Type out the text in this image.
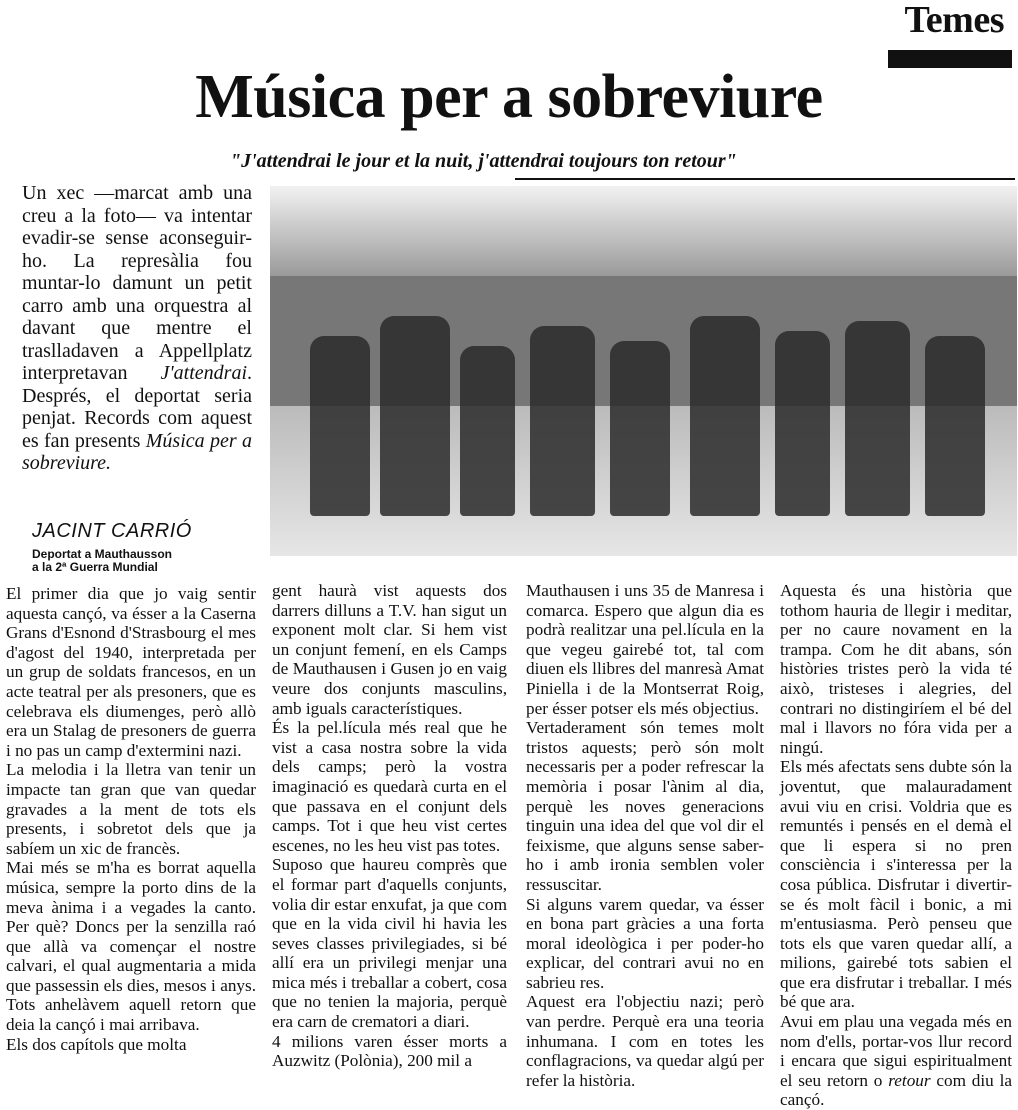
Temes
Música per a sobreviure
"J'attendrai le jour et la nuit, j'attendrai toujours ton retour"

Un xec —marcat amb una creu a la foto— va intentar evadir-se sense aconseguir-ho. La represàlia fou muntar-lo damunt un petit carro amb una orquestra al davant que mentre el traslladaven a Appellplatz interpretavan J'attendrai. Després, el deportat seria penjat. Records com aquest es fan presents Música per a sobreviure.

JACINT CARRIÓ
Deportat a Mauthausson
a la 2ª Guerra Mundial

El primer dia que jo vaig sentir aquesta cançó, va ésser a la Caserna Grans d'Esnond d'Strasbourg el mes d'agost del 1940, interpretada per un grup de soldats francesos, en un acte teatral per als presoners, que es celebrava els diumenges, però allò era un Stalag de presoners de guerra i no pas un camp d'extermini nazi.

La melodia i la lletra van tenir un impacte tan gran que van quedar gravades a la ment de tots els presents, i sobretot dels que ja sabíem un xic de francès.

Mai més se m'ha es borrat aquella música, sempre la porto dins de la meva ànima i a vegades la canto. Per què? Doncs per la senzilla raó que allà va començar el nostre calvari, el qual augmentaria a mida que passessin els dies, mesos i anys. Tots anhelàvem aquell retorn que deia la cançó i mai arribava.

Els dos capítols que molta

gent haurà vist aquests dos darrers dilluns a T.V. han sigut un exponent molt clar. Si hem vist un conjunt femení, en els Camps de Mauthausen i Gusen jo en vaig veure dos conjunts masculins, amb iguals característiques.

És la pel.lícula més real que he vist a casa nostra sobre la vida dels camps; però la vostra imaginació es quedarà curta en el que passava en el conjunt dels camps. Tot i que heu vist certes escenes, no les heu vist pas totes.

Suposo que haureu comprès que el formar part d'aquells conjunts, volia dir estar enxufat, ja que com que en la vida civil hi havia les seves classes privilegiades, si bé allí era un privilegi menjar una mica més i treballar a cobert, cosa que no tenien la majoria, perquè era carn de crematori a diari.

4 milions varen ésser morts a Auzwitz (Polònia), 200 mil a

Mauthausen i uns 35 de Manresa i comarca. Espero que algun dia es podrà realitzar una pel.lícula en la que vegeu gairebé tot, tal com diuen els llibres del manresà Amat Piniella i de la Montserrat Roig, per ésser potser els més objectius.

Vertaderament són temes molt tristos aquests; però són molt necessaris per a poder refrescar la memòria i posar l'ànim al dia, perquè les noves generacions tinguin una idea del que vol dir el feixisme, que alguns sense saber-ho i amb ironia semblen voler ressuscitar.

Si alguns varem quedar, va ésser en bona part gràcies a una forta moral ideològica i per poder-ho explicar, del contrari avui no en sabrieu res.

Aquest era l'objectiu nazi; però van perdre. Perquè era una teoria inhumana. I com en totes les conflagracions, va quedar algú per refer la història.

Aquesta és una història que tothom hauria de llegir i meditar, per no caure novament en la trampa. Com he dit abans, són històries tristes però la vida té això, tristeses i alegries, del contrari no distingiríem el bé del mal i llavors no fóra vida per a ningú.

Els més afectats sens dubte són la joventut, que malauradament avui viu en crisi. Voldria que es remuntés i pensés en el demà el que li espera si no pren consciència i s'interessa per la cosa pública. Disfrutar i divertir-se és molt fàcil i bonic, a mi m'entusiasma. Però penseu que tots els que varen quedar allí, a milions, gairebé tots sabien el que era disfrutar i treballar. I més bé que ara.

Avui em plau una vegada més en nom d'ells, portar-vos llur record i encara que sigui espiritualment el seu retorn o retour com diu la cançó.
